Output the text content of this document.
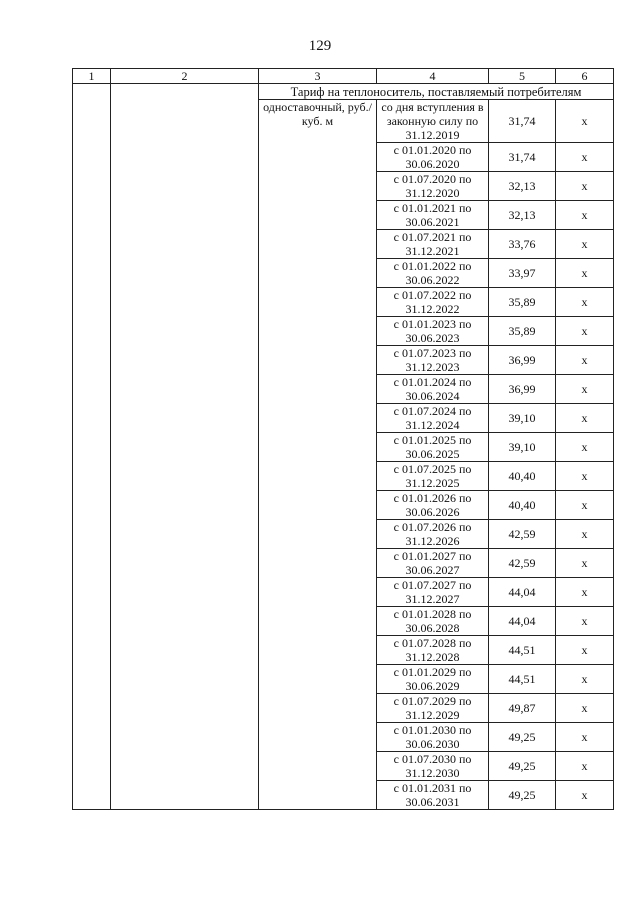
129
1	2	3	4	5	6
		Тариф на теплоноситель, поставляемый потребителям			
		одноставочный, руб./куб. м	со дня вступления в законную силу по 31.12.2019	31,74	х
			с 01.01.2020 по 30.06.2020	31,74	х
			с 01.07.2020 по 31.12.2020	32,13	х
			с 01.01.2021 по 30.06.2021	32,13	х
			с 01.07.2021 по 31.12.2021	33,76	х
			с 01.01.2022 по 30.06.2022	33,97	х
			с 01.07.2022 по 31.12.2022	35,89	х
			с 01.01.2023 по 30.06.2023	35,89	х
			с 01.07.2023 по 31.12.2023	36,99	х
			с 01.01.2024 по 30.06.2024	36,99	х
			с 01.07.2024 по 31.12.2024	39,10	х
			с 01.01.2025 по 30.06.2025	39,10	х
			с 01.07.2025 по 31.12.2025	40,40	х
			с 01.01.2026 по 30.06.2026	40,40	х
			с 01.07.2026 по 31.12.2026	42,59	х
			с 01.01.2027 по 30.06.2027	42,59	х
			с 01.07.2027 по 31.12.2027	44,04	х
			с 01.01.2028 по 30.06.2028	44,04	х
			с 01.07.2028 по 31.12.2028	44,51	х
			с 01.01.2029 по 30.06.2029	44,51	х
			с 01.07.2029 по 31.12.2029	49,87	х
			с 01.01.2030 по 30.06.2030	49,25	х
			с 01.07.2030 по 31.12.2030	49,25	х
			с 01.01.2031 по 30.06.2031	49,25	х
